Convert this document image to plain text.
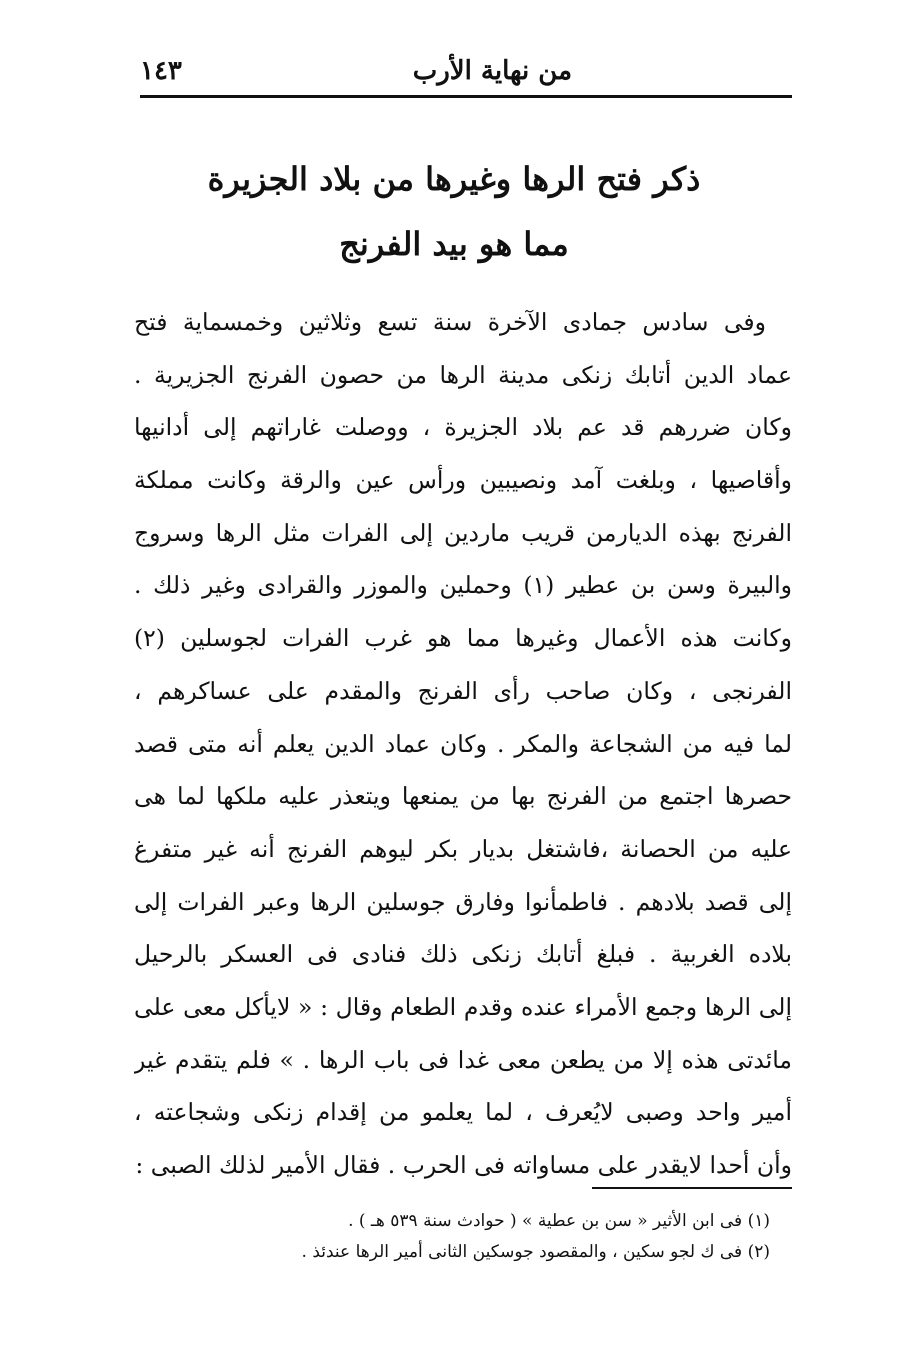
من نهاية الأرب
١٤٣
ذكر فتح الرها وغيرها من بلاد الجزيرة
مما هو بيد الفرنج
وفى سادس جمادى الآخرة سنة تسع وثلاثين وخمسماية فتح
عماد الدين أتابك زنكى مدينة الرها من حصون الفرنج الجزيرية .
وكان ضررهم قد عم بلاد الجزيرة ، ووصلت غاراتهم إلى أدانيها
وأقاصيها ، وبلغت آمد ونصيبين ورأس عين والرقة وكانت مملكة
الفرنج بهذه الديارمن قريب ماردين إلى الفرات مثل الرها وسروج
والبيرة وسن بن عطير (١) وحملين والموزر والقرادى وغير ذلك .
وكانت هذه الأعمال وغيرها مما هو غرب الفرات لجوسلين (٢)
الفرنجى ، وكان صاحب رأى الفرنج والمقدم على عساكرهم ،
لما فيه من الشجاعة والمكر . وكان عماد الدين يعلم أنه متى قصد
حصرها اجتمع من الفرنج بها من يمنعها ويتعذر عليه ملكها لما هى
عليه من الحصانة ،فاشتغل بديار بكر ليوهم الفرنج أنه غير متفرغ
إلى قصد بلادهم . فاطمأنوا وفارق جوسلين الرها وعبر الفرات إلى
بلاده الغربية . فبلغ أتابك زنكى ذلك فنادى فى العسكر بالرحيل
إلى الرها وجمع الأمراء عنده وقدم الطعام وقال : « لايأكل معى على
مائدتى هذه إلا من يطعن معى غدا فى باب الرها . » فلم يتقدم غير
أمير واحد وصبى لايُعرف ، لما يعلمو من إقدام زنكى وشجاعته ،
وأن أحدا لايقدر على مساواته فى الحرب . فقال الأمير لذلك الصبى :
(١) فى ابن الأثير « سن بن عطية » ( حوادث سنة ٥٣٩ هـ ) .
(٢) فى ك لجو سكين ، والمقصود جوسكين الثانى أمير الرها عندئذ .
